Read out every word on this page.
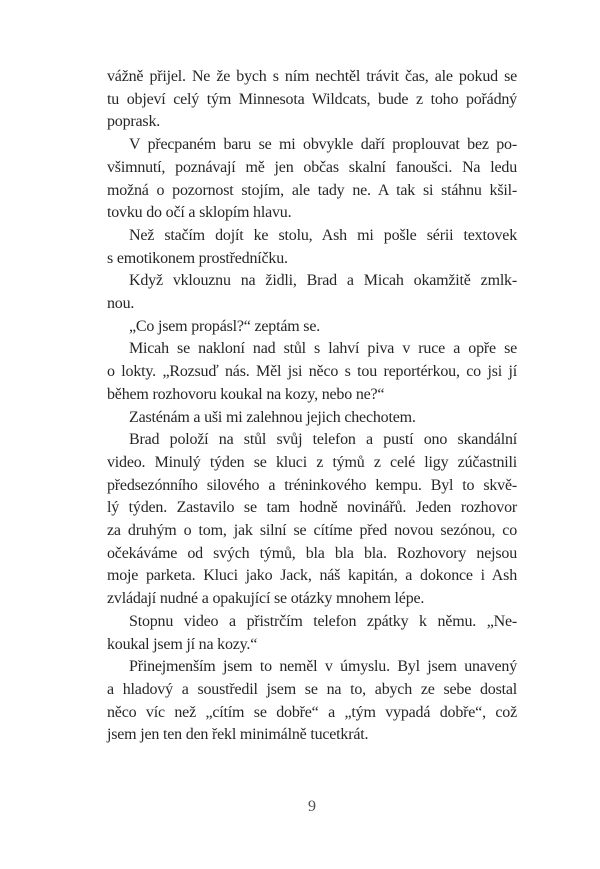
vážně přijel. Ne že bych s ním nechtěl trávit čas, ale pokud se
tu objeví celý tým Minnesota Wildcats, bude z toho pořádný
poprask.
V přecpaném baru se mi obvykle daří proplouvat bez po-
všimnutí, poznávají mě jen občas skalní fanoušci. Na ledu
možná o pozornost stojím, ale tady ne. A tak si stáhnu kšil-
tovku do očí a sklopím hlavu.
Než stačím dojít ke stolu, Ash mi pošle sérii textovek
s emotikonem prostředníčku.
Když vklouznu na židli, Brad a Micah okamžitě zmlk-
nou.
„Co jsem propásl?“ zeptám se.
Micah se nakloní nad stůl s lahví piva v ruce a opře se
o lokty. „Rozsuď nás. Měl jsi něco s tou reportérkou, co jsi jí
během rozhovoru koukal na kozy, nebo ne?“
Zasténám a uši mi zalehnou jejich chechotem.
Brad položí na stůl svůj telefon a pustí ono skandální
video. Minulý týden se kluci z týmů z celé ligy zúčastnili
předsezónního silového a tréninkového kempu. Byl to skvě-
lý týden. Zastavilo se tam hodně novinářů. Jeden rozhovor
za druhým o tom, jak silní se cítíme před novou sezónou, co
očekáváme od svých týmů, bla bla bla. Rozhovory nejsou
moje parketa. Kluci jako Jack, náš kapitán, a dokonce i Ash
zvládají nudné a opakující se otázky mnohem lépe.
Stopnu video a přistrčím telefon zpátky k němu. „Ne-
koukal jsem jí na kozy.“
Přinejmenším jsem to neměl v úmyslu. Byl jsem unavený
a hladový a soustředil jsem se na to, abych ze sebe dostal
něco víc než „cítím se dobře“ a „tým vypadá dobře“, což
jsem jen ten den řekl minimálně tucetkrát.
9
